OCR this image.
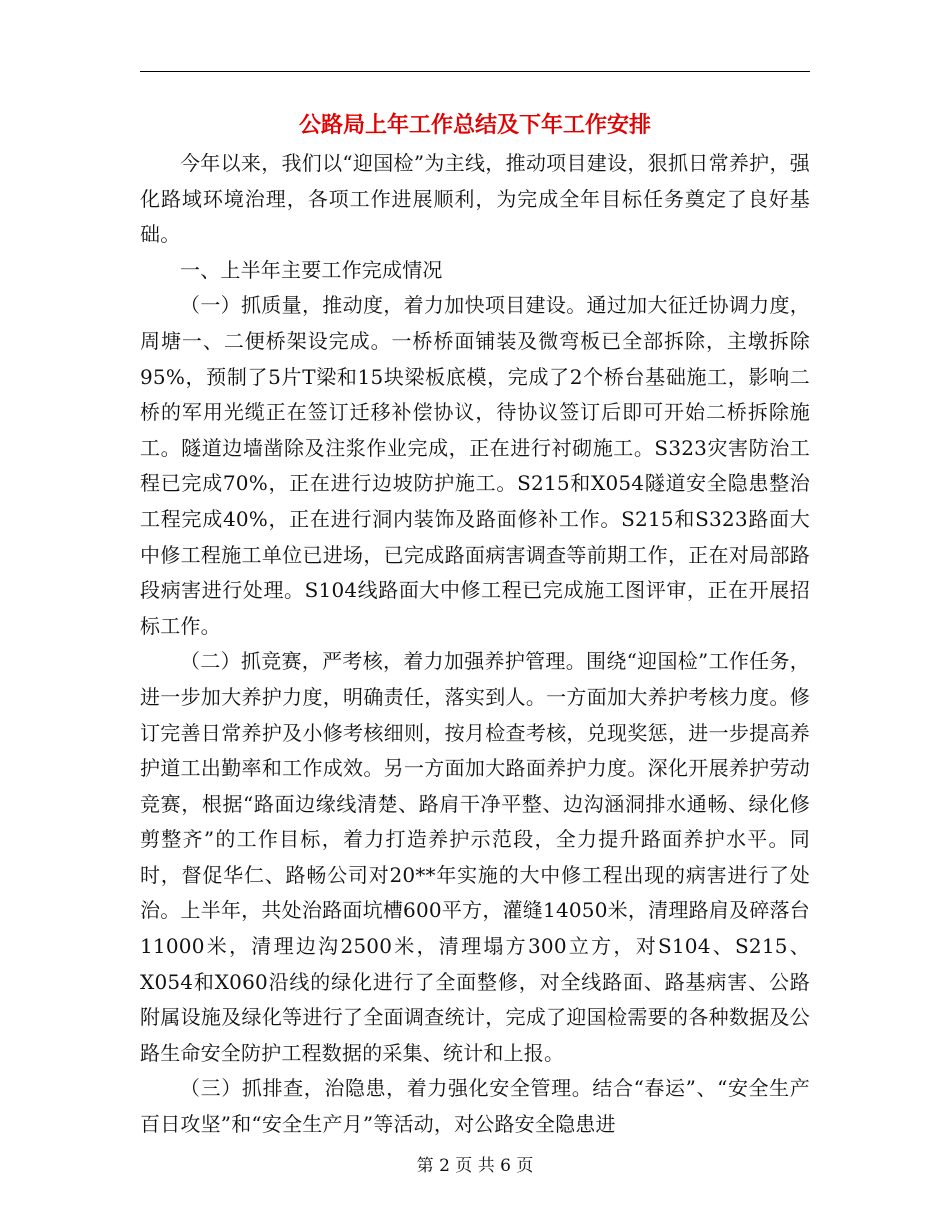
公路局上年工作总结及下年工作安排

今年以来，我们以“迎国检”为主线，推动项目建设，狠抓日常养护，强化路域环境治理，各项工作进展顺利，为完成全年目标任务奠定了良好基础。

一、上半年主要工作完成情况

（一）抓质量，推动度，着力加快项目建设。通过加大征迁协调力度，周塘一、二便桥架设完成。一桥桥面铺装及微弯板已全部拆除，主墩拆除95%，预制了5片T梁和15块梁板底模，完成了2个桥台基础施工，影响二桥的军用光缆正在签订迁移补偿协议，待协议签订后即可开始二桥拆除施工。隧道边墙凿除及注浆作业完成，正在进行衬砌施工。S323灾害防治工程已完成70%，正在进行边坡防护施工。S215和X054隧道安全隐患整治工程完成40%，正在进行洞内装饰及路面修补工作。S215和S323路面大中修工程施工单位已进场，已完成路面病害调查等前期工作，正在对局部路段病害进行处理。S104线路面大中修工程已完成施工图评审，正在开展招标工作。

（二）抓竞赛，严考核，着力加强养护管理。围绕“迎国检”工作任务，进一步加大养护力度，明确责任，落实到人。一方面加大养护考核力度。修订完善日常养护及小修考核细则，按月检查考核，兑现奖惩，进一步提高养护道工出勤率和工作成效。另一方面加大路面养护力度。深化开展养护劳动竞赛，根据“路面边缘线清楚、路肩干净平整、边沟涵洞排水通畅、绿化修剪整齐”的工作目标，着力打造养护示范段，全力提升路面养护水平。同时，督促华仁、路畅公司对20**年实施的大中修工程出现的病害进行了处治。上半年，共处治路面坑槽600平方，灌缝14050米，清理路肩及碎落台11000米，清理边沟2500米，清理塌方300立方，对S104、S215、X054和X060沿线的绿化进行了全面整修，对全线路面、路基病害、公路附属设施及绿化等进行了全面调查统计，完成了迎国检需要的各种数据及公路生命安全防护工程数据的采集、统计和上报。

（三）抓排查，治隐患，着力强化安全管理。结合“春运”、“安全生产百日攻坚”和“安全生产月”等活动，对公路安全隐患进

第 2 页 共 6 页
